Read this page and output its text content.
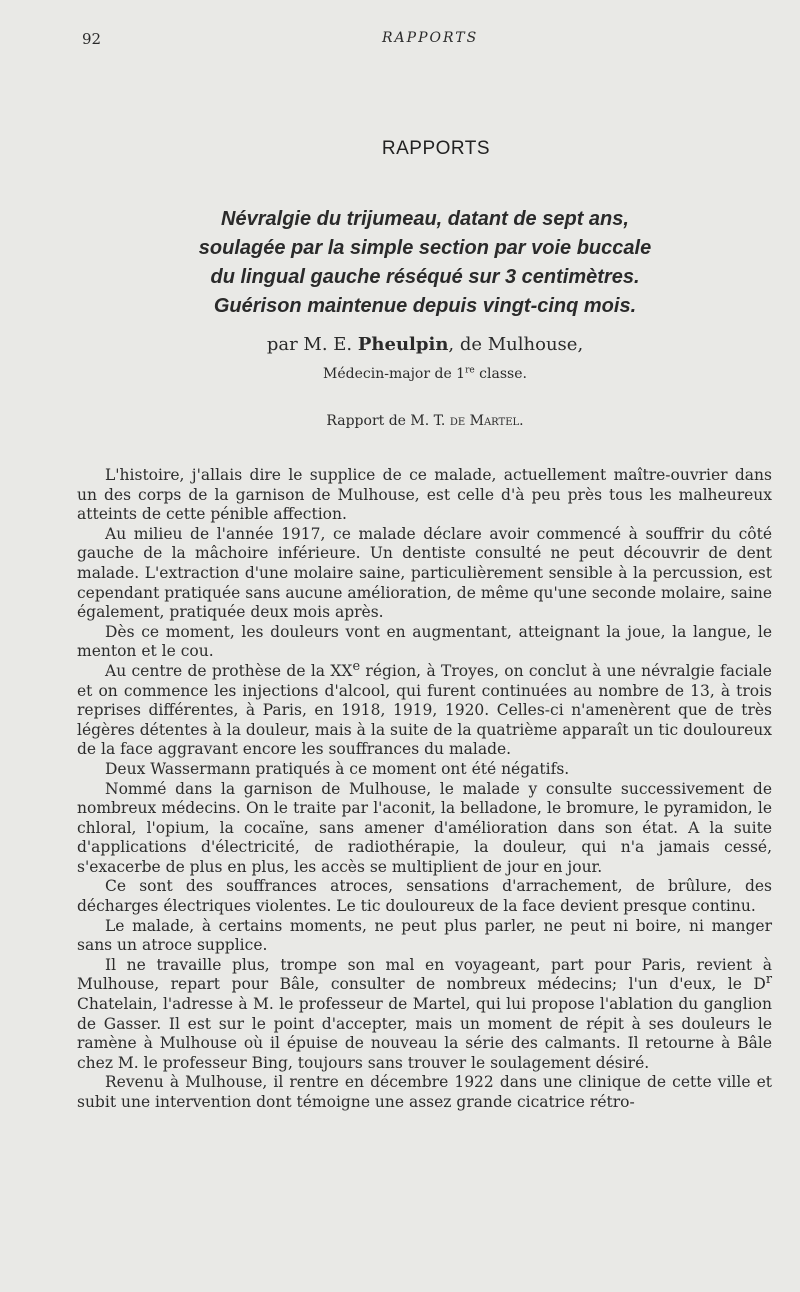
92	RAPPORTS
RAPPORTS
Névralgie du trijumeau, datant de sept ans,
soulagée par la simple section par voie buccale
du lingual gauche réséqué sur 3 centimètres.
Guérison maintenue depuis vingt-cinq mois.
par M. E. Pheulpin, de Mulhouse,
Médecin-major de 1re classe.
Rapport de M. T. de Martel.

L'histoire, j'allais dire le supplice de ce malade, actuellement maître-ouvrier dans un des corps de la garnison de Mulhouse, est celle d'à peu près tous les malheureux atteints de cette pénible affection.

Au milieu de l'année 1917, ce malade déclare avoir commencé à souffrir du côté gauche de la mâchoire inférieure. Un dentiste consulté ne peut découvrir de dent malade. L'extraction d'une molaire saine, particulièrement sensible à la percussion, est cependant pratiquée sans aucune amélioration, de même qu'une seconde molaire, saine également, pratiquée deux mois après.

Dès ce moment, les douleurs vont en augmentant, atteignant la joue, la langue, le menton et le cou.

Au centre de prothèse de la XXe région, à Troyes, on conclut à une névralgie faciale et on commence les injections d'alcool, qui furent continuées au nombre de 13, à trois reprises différentes, à Paris, en 1918, 1919, 1920. Celles-ci n'amenèrent que de très légères détentes à la douleur, mais à la suite de la quatrième apparaît un tic douloureux de la face aggravant encore les souffrances du malade.

Deux Wassermann pratiqués à ce moment ont été négatifs.

Nommé dans la garnison de Mulhouse, le malade y consulte successivement de nombreux médecins. On le traite par l'aconit, la belladone, le bromure, le pyramidon, le chloral, l'opium, la cocaïne, sans amener d'amélioration dans son état. A la suite d'applications d'électricité, de radiothérapie, la douleur, qui n'a jamais cessé, s'exacerbe de plus en plus, les accès se multiplient de jour en jour.

Ce sont des souffrances atroces, sensations d'arrachement, de brûlure, des décharges électriques violentes. Le tic douloureux de la face devient presque continu.

Le malade, à certains moments, ne peut plus parler, ne peut ni boire, ni manger sans un atroce supplice.

Il ne travaille plus, trompe son mal en voyageant, part pour Paris, revient à Mulhouse, repart pour Bâle, consulter de nombreux médecins; l'un d'eux, le $D^r$ Chatelain, l'adresse à M. le professeur de Martel, qui lui propose l'ablation du ganglion de Gasser. Il est sur le point d'accepter, mais un moment de répit à ses douleurs le ramène à Mulhouse où il épuise de nouveau la série des calmants. Il retourne à Bâle chez M. le professeur Bing, toujours sans trouver le soulagement désiré.

Revenu à Mulhouse, il rentre en décembre 1922 dans une clinique de cette ville et subit une intervention dont témoigne une assez grande cicatrice rétro-
